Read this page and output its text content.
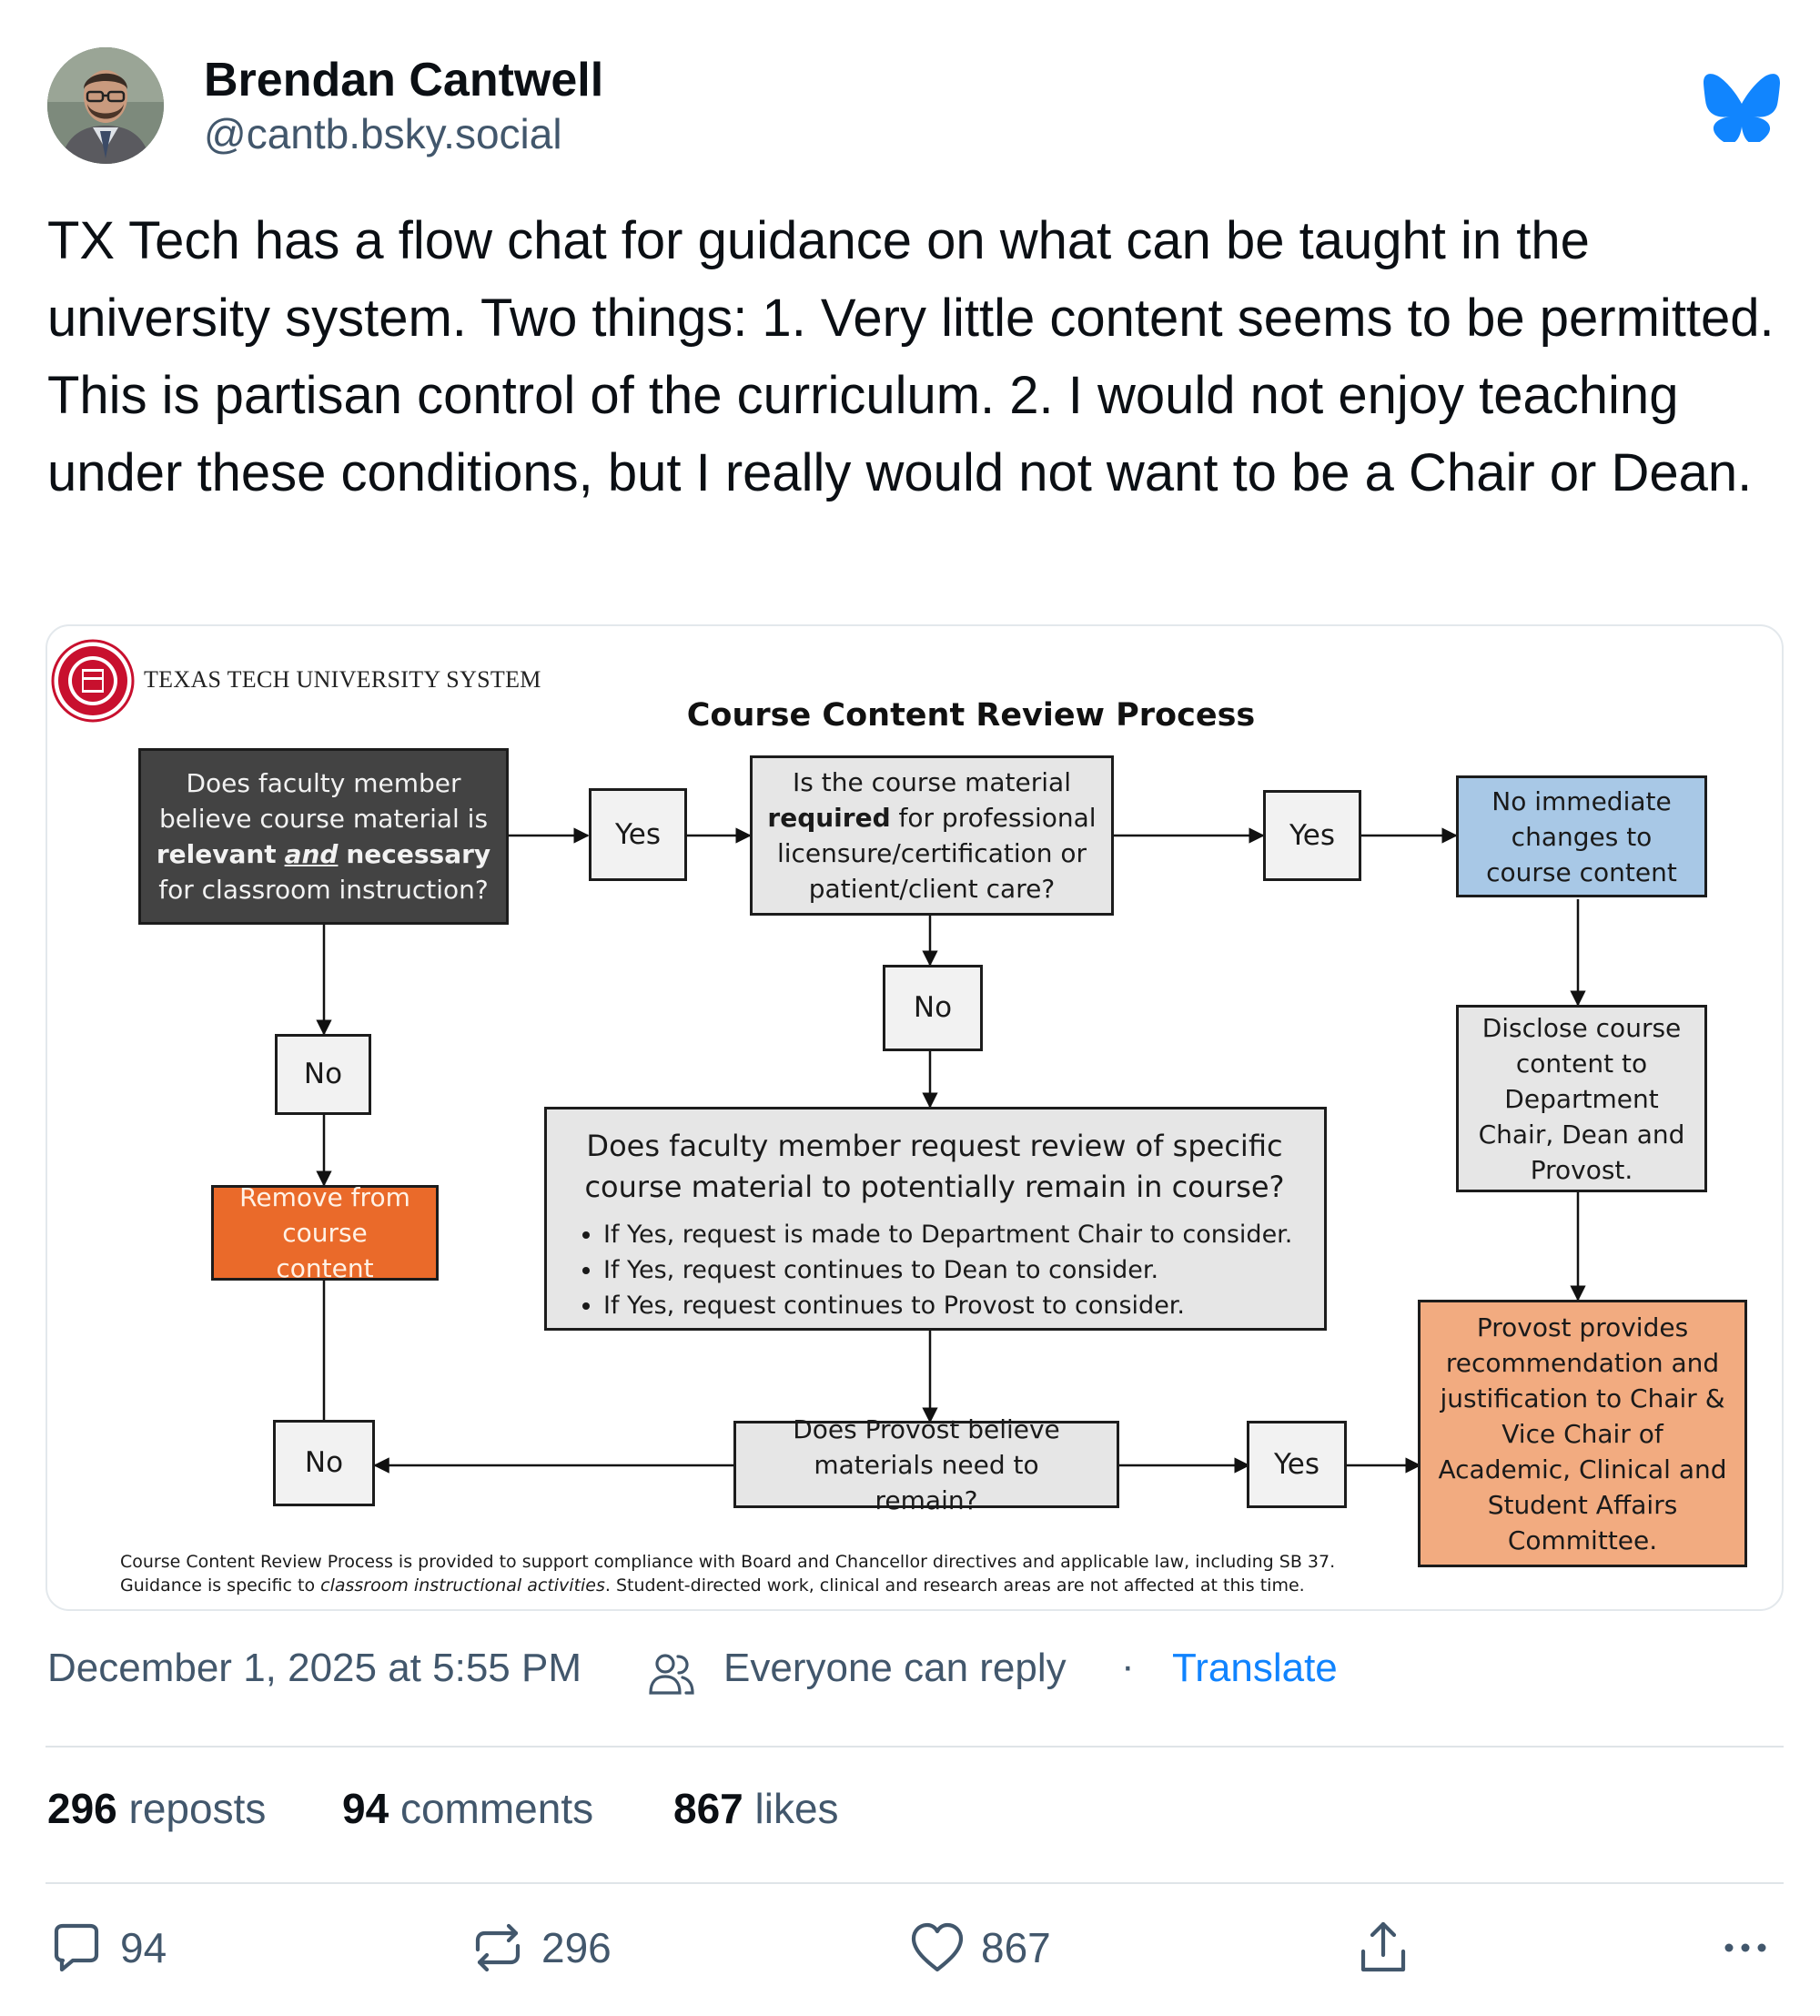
Brendan Cantwell
@cantb.bsky.social
TX Tech has a flow chat for guidance on what can be taught in the university system. Two things: 1. Very little content seems to be permitted. This is partisan control of the curriculum. 2. I would not enjoy teaching under these conditions, but I really would not want to be a Chair or Dean.
TEXAS TECH UNIVERSITY SYSTEM
Course Content Review Process
Does faculty member
believe course material is
relevant and necessary
for classroom instruction?
Yes
Is the course material
required for professional
licensure/certification or
patient/client care?
Yes
No immediate changes to course content
No
No
Disclose course content to Department Chair, Dean and Provost.
Does faculty member request review of specific course material to potentially remain in course?
• If Yes, request is made to Department Chair to consider.
• If Yes, request continues to Dean to consider.
• If Yes, request continues to Provost to consider.
Remove from course content
Provost provides recommendation and justification to Chair & Vice Chair of Academic, Clinical and Student Affairs Committee.
No
Does Provost believe materials need to remain?
Yes
Course Content Review Process is provided to support compliance with Board and Chancellor directives and applicable law, including SB 37.
Guidance is specific to classroom instructional activities. Student-directed work, clinical and research areas are not affected at this time.
December 1, 2025 at 5:55 PM	Everyone can reply · Translate
296 reposts 94 comments 867 likes
94	296	867
